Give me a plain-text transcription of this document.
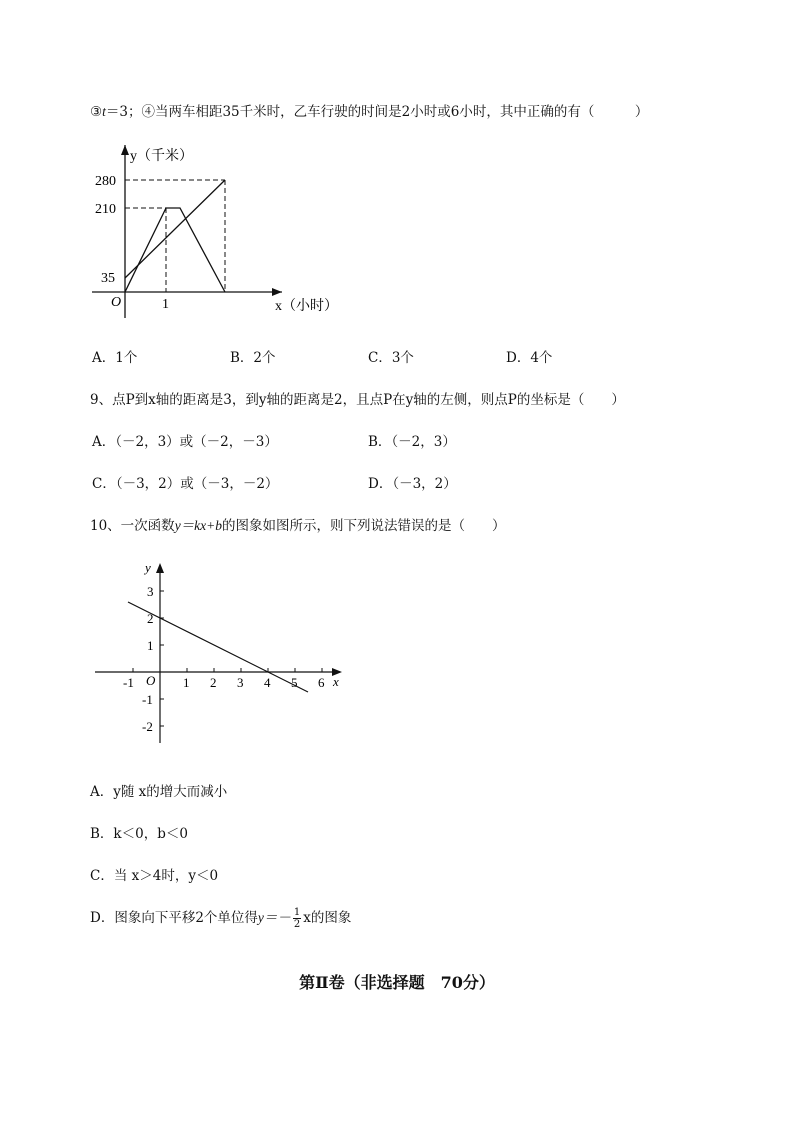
③t＝3；④当两车相距35千米时，乙车行驶的时间是2小时或6小时，其中正确的有（　　　）
y（千米）
x（小时）
O
280
210
35
1
A．1个	B．2个	C．3个	D．4个
9、点P到x轴的距离是3，到y轴的距离是2，且点P在y轴的左侧，则点P的坐标是（　　）
A．（－2，3）或（－2，－3）	B．（－2，3）
C．（－3，2）或（－3，－2）	D．（－3，2）
10、一次函数y＝kx+b的图象如图所示，则下列说法错误的是（　　）
y
x
O
-1	1 2 3 4 5 6
3
2
1
-1
-2
A．y随 x的增大而减小
B．k＜0，b＜0
C．当 x＞4时，y＜0
D．图象向下平移2个单位得$y=- \frac{1}{2}$ x的图象
第Ⅱ卷（非选择题　70分）
